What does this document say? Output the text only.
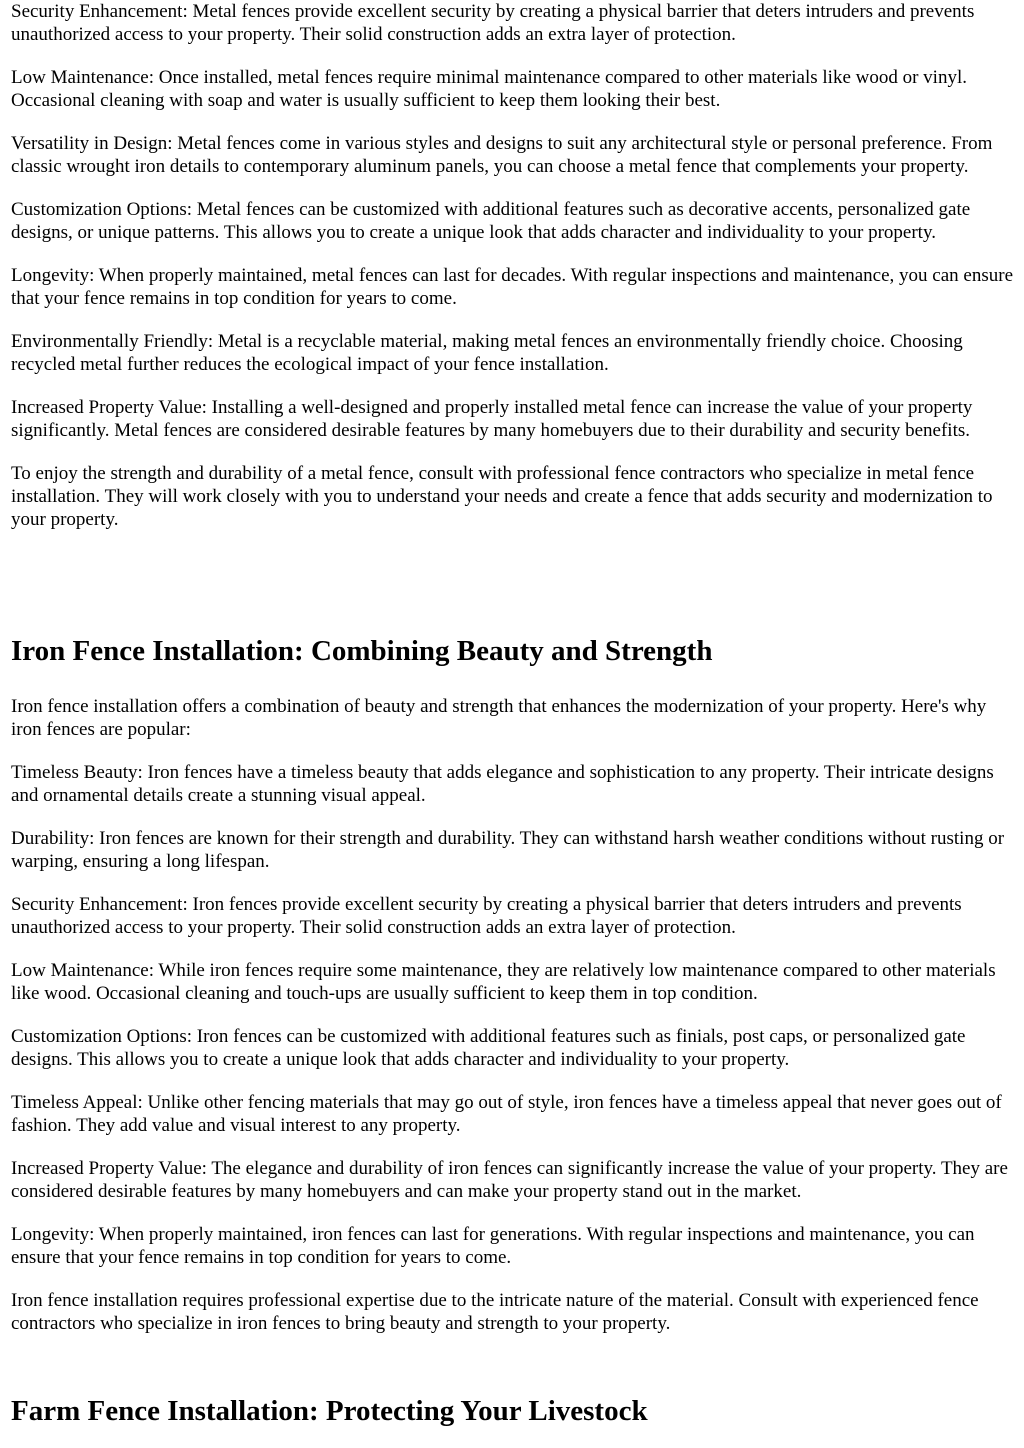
Security Enhancement: Metal fences provide excellent security by creating a physical barrier that deters intruders and prevents unauthorized access to your property. Their solid construction adds an extra layer of protection.

Low Maintenance: Once installed, metal fences require minimal maintenance compared to other materials like wood or vinyl. Occasional cleaning with soap and water is usually sufficient to keep them looking their best.

Versatility in Design: Metal fences come in various styles and designs to suit any architectural style or personal preference. From classic wrought iron details to contemporary aluminum panels, you can choose a metal fence that complements your property.

Customization Options: Metal fences can be customized with additional features such as decorative accents, personalized gate designs, or unique patterns. This allows you to create a unique look that adds character and individuality to your property.

Longevity: When properly maintained, metal fences can last for decades. With regular inspections and maintenance, you can ensure that your fence remains in top condition for years to come.

Environmentally Friendly: Metal is a recyclable material, making metal fences an environmentally friendly choice. Choosing recycled metal further reduces the ecological impact of your fence installation.

Increased Property Value: Installing a well-designed and properly installed metal fence can increase the value of your property significantly. Metal fences are considered desirable features by many homebuyers due to their durability and security benefits.

To enjoy the strength and durability of a metal fence, consult with professional fence contractors who specialize in metal fence installation. They will work closely with you to understand your needs and create a fence that adds security and modernization to your property.

Iron Fence Installation: Combining Beauty and Strength

Iron fence installation offers a combination of beauty and strength that enhances the modernization of your property. Here's why iron fences are popular:

Timeless Beauty: Iron fences have a timeless beauty that adds elegance and sophistication to any property. Their intricate designs and ornamental details create a stunning visual appeal.

Durability: Iron fences are known for their strength and durability. They can withstand harsh weather conditions without rusting or warping, ensuring a long lifespan.

Security Enhancement: Iron fences provide excellent security by creating a physical barrier that deters intruders and prevents unauthorized access to your property. Their solid construction adds an extra layer of protection.

Low Maintenance: While iron fences require some maintenance, they are relatively low maintenance compared to other materials like wood. Occasional cleaning and touch-ups are usually sufficient to keep them in top condition.

Customization Options: Iron fences can be customized with additional features such as finials, post caps, or personalized gate designs. This allows you to create a unique look that adds character and individuality to your property.

Timeless Appeal: Unlike other fencing materials that may go out of style, iron fences have a timeless appeal that never goes out of fashion. They add value and visual interest to any property.

Increased Property Value: The elegance and durability of iron fences can significantly increase the value of your property. They are considered desirable features by many homebuyers and can make your property stand out in the market.

Longevity: When properly maintained, iron fences can last for generations. With regular inspections and maintenance, you can ensure that your fence remains in top condition for years to come.

Iron fence installation requires professional expertise due to the intricate nature of the material. Consult with experienced fence contractors who specialize in iron fences to bring beauty and strength to your property.

Farm Fence Installation: Protecting Your Livestock
